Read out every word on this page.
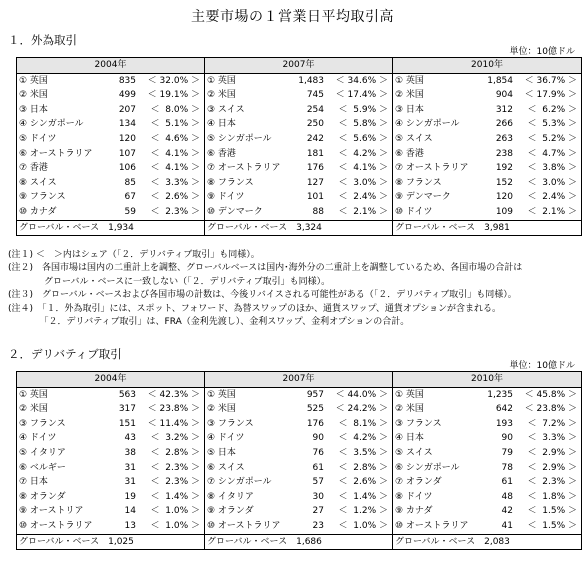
主要市場の１営業日平均取引高
１．外為取引
単位：10億ドル
2004年	2007年	2010年

① 英国 835 ＜ 32.0% ＞	① 英国 1,483 ＜ 34.6% ＞	① 英国 1,854 ＜ 36.7% ＞

② 米国 499 ＜ 19.1% ＞	② 米国 745 ＜ 17.4% ＞	② 米国 904 ＜ 17.9% ＞

③ 日本 207 ＜  8.0% ＞	③ スイス 254 ＜  5.9% ＞	③ 日本 312 ＜  6.2% ＞

④ シンガポール 134 ＜  5.1% ＞	④ 日本 250 ＜  5.8% ＞	④ シンガポール 266 ＜  5.3% ＞

⑤ ドイツ 120 ＜  4.6% ＞	⑤ シンガポール 242 ＜  5.6% ＞	⑤ スイス 263 ＜  5.2% ＞

⑥ オーストラリア 107 ＜  4.1% ＞	⑥ 香港 181 ＜  4.2% ＞	⑥ 香港 238 ＜  4.7% ＞

⑦ 香港 106 ＜  4.1% ＞	⑦ オーストラリア 176 ＜  4.1% ＞	⑦ オーストラリア 192 ＜  3.8% ＞

⑧ スイス 85 ＜  3.3% ＞	⑧ フランス 127 ＜  3.0% ＞	⑧ フランス 152 ＜  3.0% ＞

⑨ フランス 67 ＜  2.6% ＞	⑨ ドイツ 101 ＜  2.4% ＞	⑨ デンマーク 120 ＜  2.4% ＞

⑩ カナダ 59 ＜  2.3% ＞	⑩ デンマーク 88 ＜  2.1% ＞	⑩ ドイツ 109 ＜  2.1% ＞

グローバル・ベース　1,934	グローバル・ベース　3,324	グローバル・ベース　3,981
(注１) ＜　＞内はシェア（「２．デリバティブ取引」も同様）。
(注２)　各国市場は国内の二重計上を調整、グローバルベースは国内･海外分の二重計上を調整しているため、各国市場の合計は
　　　　グローバル・ベースに一致しない（「２．デリバティブ取引」も同様）。
(注３)　グローバル・ベースおよび各国市場の計数は、今後リバイスされる可能性がある（「２．デリバティブ取引」も同様）。
(注４)　「１．外為取引」には、スポット、フォワード、為替スワップのほか、通貨スワップ、通貨オプションが含まれる。
　　　　「２．デリバティブ取引」は、FRA（金利先渡し）、金利スワップ、金利オプションの合計。
２．デリバティブ取引
単位：10億ドル
2004年	2007年	2010年

① 英国 563 ＜ 42.3% ＞	① 英国 957 ＜ 44.0% ＞	① 英国 1,235 ＜ 45.8% ＞

② 米国 317 ＜ 23.8% ＞	② 米国 525 ＜ 24.2% ＞	② 米国 642 ＜ 23.8% ＞

③ フランス 151 ＜ 11.4% ＞	③ フランス 176 ＜  8.1% ＞	③ フランス 193 ＜  7.2% ＞

④ ドイツ 43 ＜  3.2% ＞	④ ドイツ 90 ＜  4.2% ＞	④ 日本 90 ＜  3.3% ＞

⑤ イタリア 38 ＜  2.8% ＞	⑤ 日本 76 ＜  3.5% ＞	⑤ スイス 79 ＜  2.9% ＞

⑥ ベルギー 31 ＜  2.3% ＞	⑥ スイス 61 ＜  2.8% ＞	⑥ シンガポール 78 ＜  2.9% ＞

⑦ 日本 31 ＜  2.3% ＞	⑦ シンガポール 57 ＜  2.6% ＞	⑦ オランダ 61 ＜  2.3% ＞

⑧ オランダ 19 ＜  1.4% ＞	⑧ イタリア 30 ＜  1.4% ＞	⑧ ドイツ 48 ＜  1.8% ＞

⑨ オーストリア 14 ＜  1.0% ＞	⑨ オランダ 27 ＜  1.2% ＞	⑨ カナダ 42 ＜  1.5% ＞

⑩ オーストラリア 13 ＜  1.0% ＞	⑩ オーストラリア 23 ＜  1.0% ＞	⑩ オーストラリア 41 ＜  1.5% ＞

グローバル・ベース　1,025	グローバル・ベース　1,686	グローバル・ベース　2,083
